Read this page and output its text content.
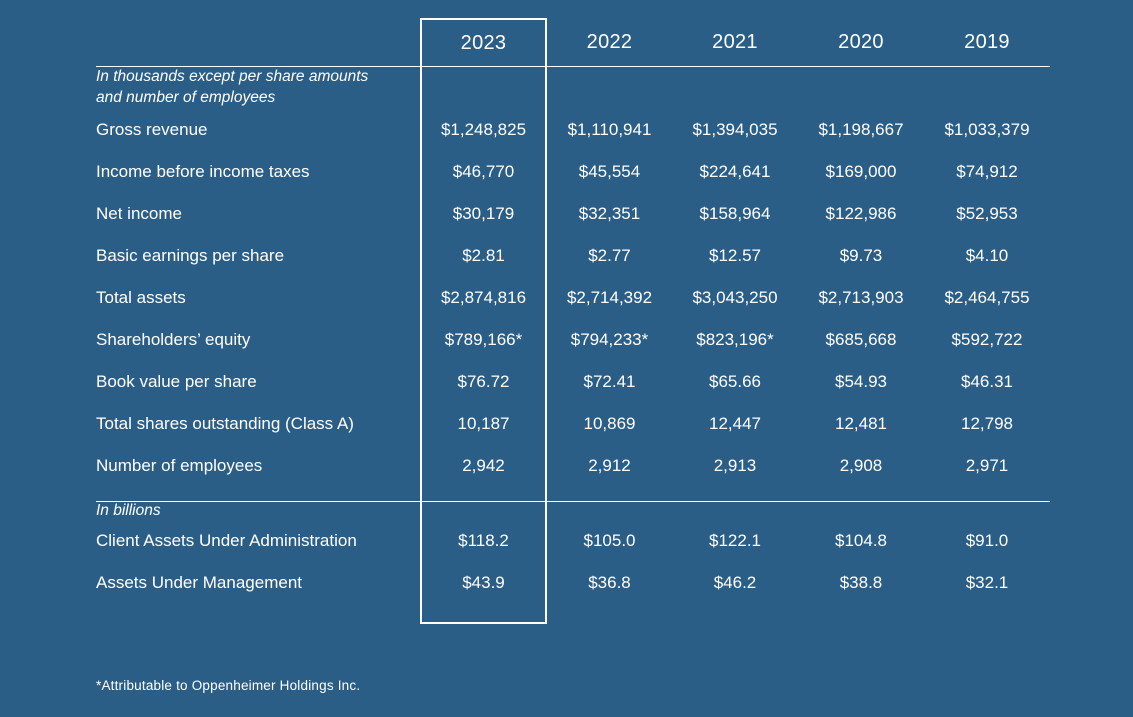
	2023	2022	2021	2020	2019

In thousands except per share amounts and number of employees					
Gross revenue	$1,248,825	$1,110,941	$1,394,035	$1,198,667	$1,033,379
Income before income taxes	$46,770	$45,554	$224,641	$169,000	$74,912
Net income	$30,179	$32,351	$158,964	$122,986	$52,953
Basic earnings per share	$2.81	$2.77	$12.57	$9.73	$4.10
Total assets	$2,874,816	$2,714,392	$3,043,250	$2,713,903	$2,464,755
Shareholders’ equity	$789,166*	$794,233*	$823,196*	$685,668	$592,722
Book value per share	$76.72	$72.41	$65.66	$54.93	$46.31
Total shares outstanding (Class A)	10,187	10,869	12,447	12,481	12,798
Number of employees	2,942	2,912	2,913	2,908	2,971

In billions					
Client Assets Under Administration	$118.2	$105.0	$122.1	$104.8	$91.0
Assets Under Management	$43.9	$36.8	$46.2	$38.8	$32.1

*Attributable to Oppenheimer Holdings Inc.
